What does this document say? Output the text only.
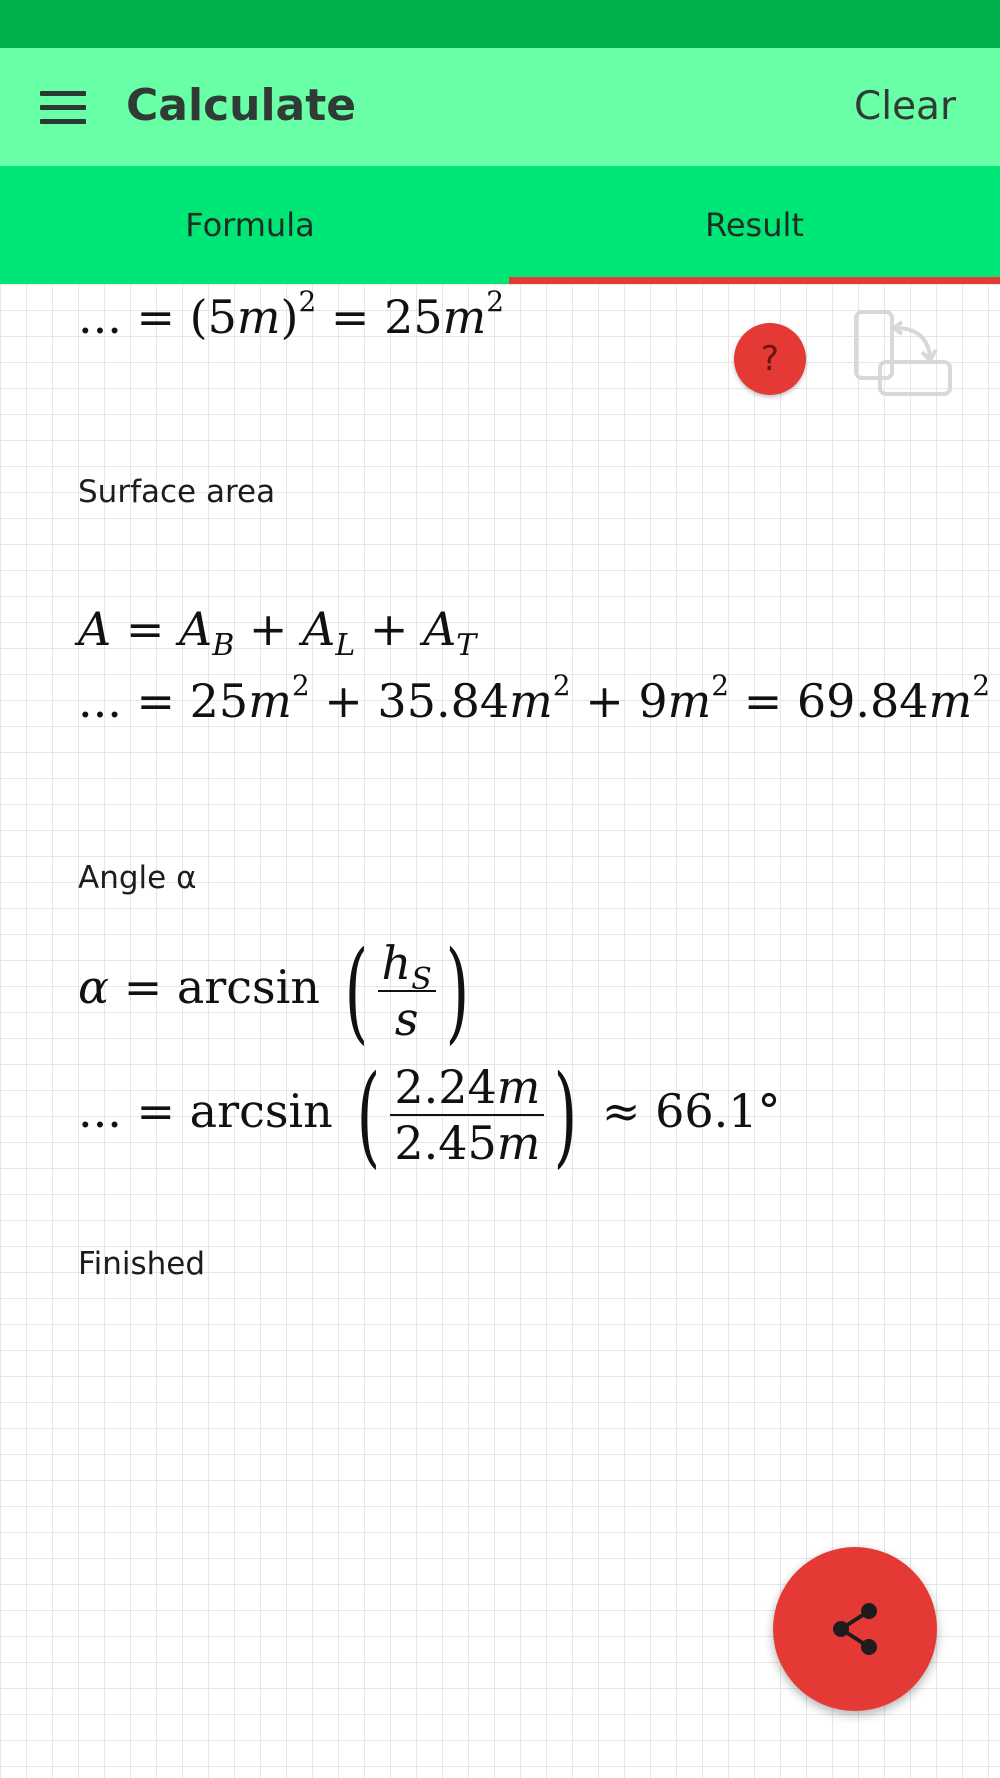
Calculate	Clear
Formula	Result
... = $(5m)^2 = 25m^2$
?
Surface area
$A = A_B + A_L + A_T$
... = $25m^2 + 35.84m^2 + 9m^2 = 69.84m^2$
Angle α
α = arcsin ( $\frac{h_S}{s}$ )
... = arcsin ( $\frac{2.24m}{2.45m}$ ) ≈ 66.1°
Finished
